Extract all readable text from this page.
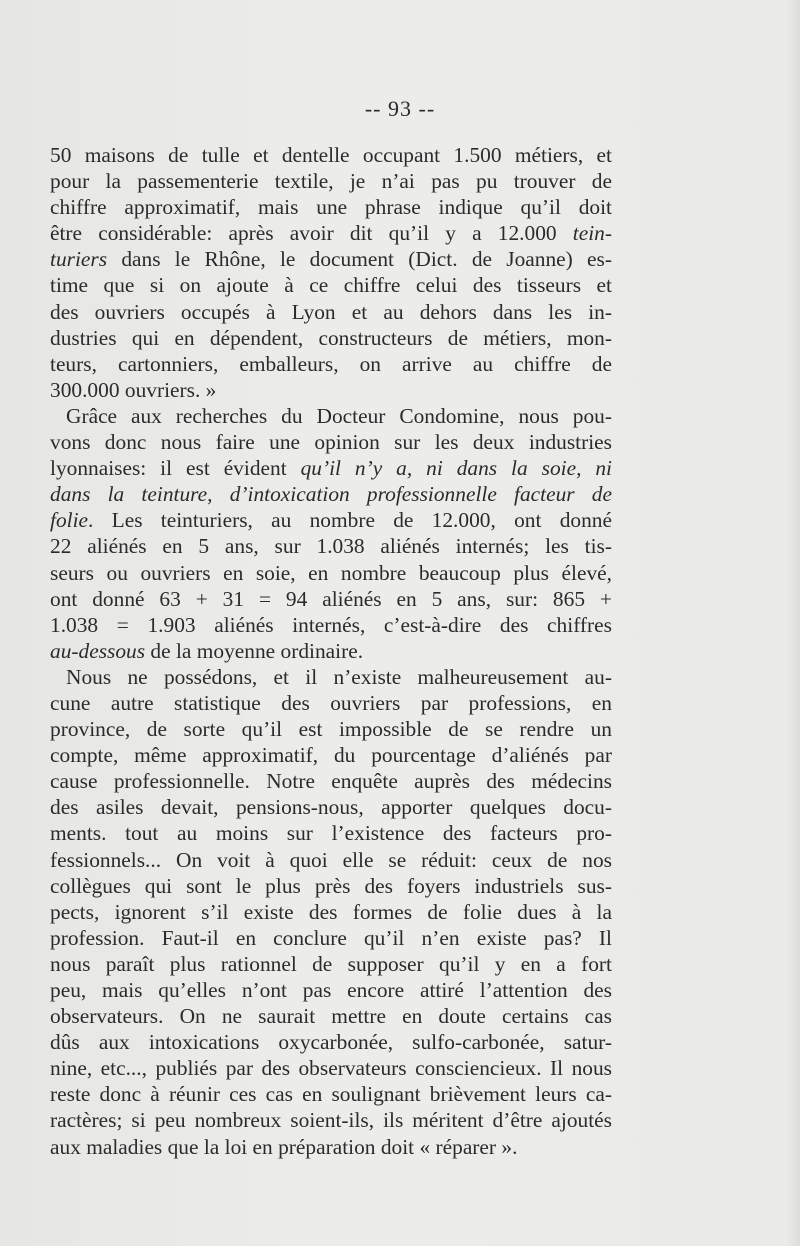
-- 93 --
50 maisons de tulle et dentelle occupant 1.500 métiers, et
pour la passementerie textile, je n’ai pas pu trouver de
chiffre approximatif, mais une phrase indique qu’il doit
être considérable: après avoir dit qu’il y a 12.000 tein-
turiers dans le Rhône, le document (Dict. de Joanne) es-
time que si on ajoute à ce chiffre celui des tisseurs et
des ouvriers occupés à Lyon et au dehors dans les in-
dustries qui en dépendent, constructeurs de métiers, mon-
teurs, cartonniers, emballeurs, on arrive au chiffre de
300.000 ouvriers. »
Grâce aux recherches du Docteur Condomine, nous pou-
vons donc nous faire une opinion sur les deux industries
lyonnaises: il est évident qu’il n’y a, ni dans la soie, ni
dans la teinture, d’intoxication professionnelle facteur de
folie. Les teinturiers, au nombre de 12.000, ont donné
22 aliénés en 5 ans, sur 1.038 aliénés internés; les tis-
seurs ou ouvriers en soie, en nombre beaucoup plus élevé,
ont donné 63 + 31 = 94 aliénés en 5 ans, sur: 865 +
1.038 = 1.903 aliénés internés, c’est-à-dire des chiffres
au-dessous de la moyenne ordinaire.
Nous ne possédons, et il n’existe malheureusement au-
cune autre statistique des ouvriers par professions, en
province, de sorte qu’il est impossible de se rendre un
compte, même approximatif, du pourcentage d’aliénés par
cause professionnelle. Notre enquête auprès des médecins
des asiles devait, pensions-nous, apporter quelques docu-
ments. tout au moins sur l’existence des facteurs pro-
fessionnels... On voit à quoi elle se réduit: ceux de nos
collègues qui sont le plus près des foyers industriels sus-
pects, ignorent s’il existe des formes de folie dues à la
profession. Faut-il en conclure qu’il n’en existe pas? Il
nous paraît plus rationnel de supposer qu’il y en a fort
peu, mais qu’elles n’ont pas encore attiré l’attention des
observateurs. On ne saurait mettre en doute certains cas
dûs aux intoxications oxycarbonée, sulfo-carbonée, satur-
nine, etc..., publiés par des observateurs consciencieux. Il nous
reste donc à réunir ces cas en soulignant brièvement leurs ca-
ractères; si peu nombreux soient-ils, ils méritent d’être ajoutés
aux maladies que la loi en préparation doit « réparer ».
